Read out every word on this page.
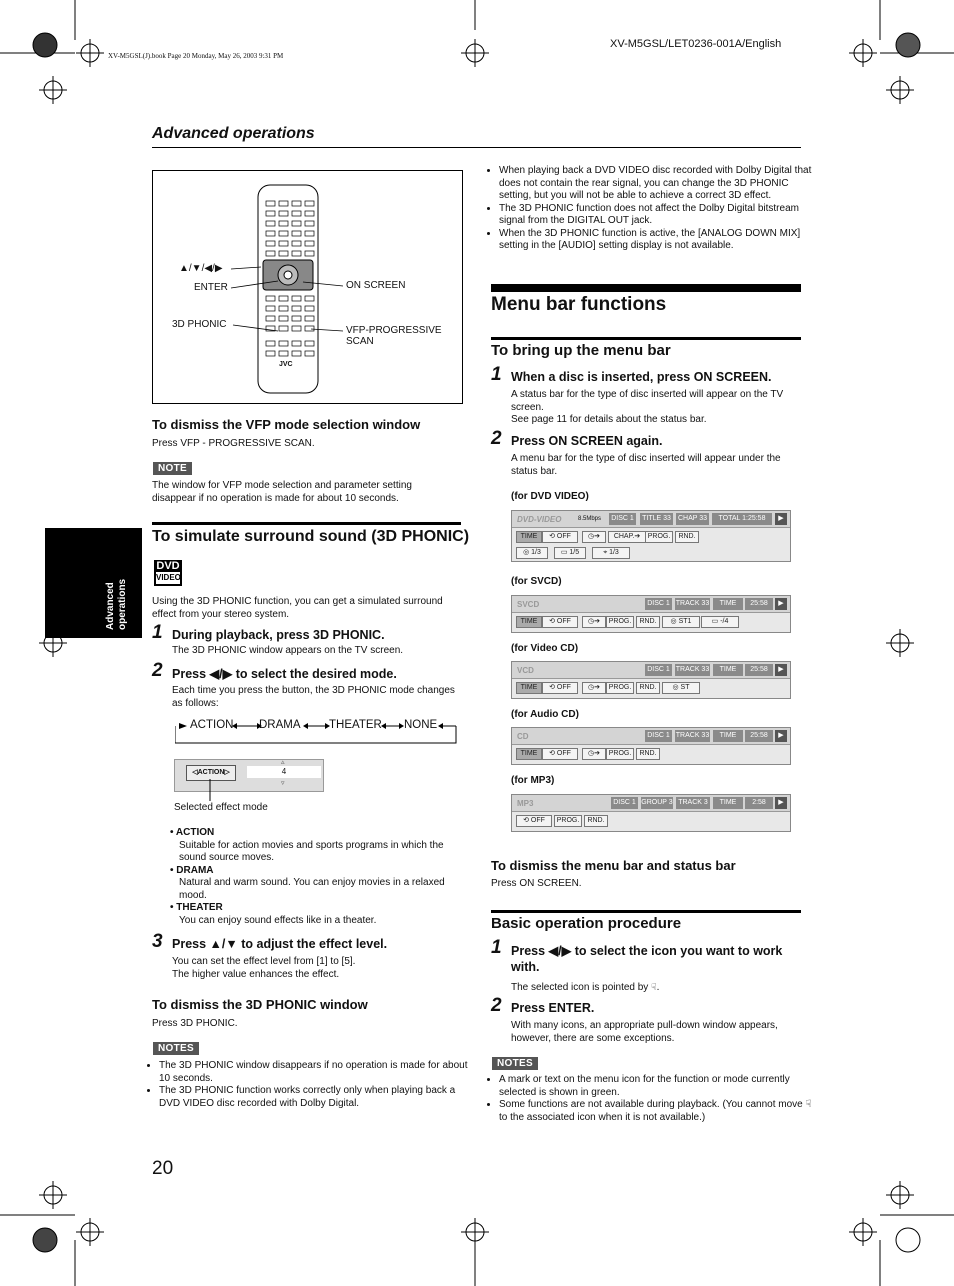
XV-M5GSL(J).book Page 20 Monday, May 26, 2003 9:31 PM
XV-M5GSL/LET0236-001A/English
Advanced operations
Advanced operations
▲/▼/◀/▶
ENTER
3D PHONIC
ON SCREEN
VFP-PROGRESSIVE
SCAN
JVC
To dismiss the VFP mode selection window
Press VFP - PROGRESSIVE SCAN.
NOTE
The window for VFP mode selection and parameter setting disappear if no operation is made for about 10 seconds.
To simulate surround sound (3D PHONIC)
DVD
VIDEO
Using the 3D PHONIC function, you can get a simulated surround effect from your stereo system.
1 During playback, press 3D PHONIC.
The 3D PHONIC window appears on the TV screen.
2 Press ◀/▶ to select the desired mode.
Each time you press the button, the 3D PHONIC mode changes as follows:
ACTION DRAMA THEATER NONE
◁ACTION▷	4
▵
▿
Selected effect mode
• ACTION
Suitable for action movies and sports programs in which the sound source moves.
• DRAMA
Natural and warm sound. You can enjoy movies in a relaxed mood.
• THEATER
You can enjoy sound effects like in a theater.
3 Press ▲/▼ to adjust the effect level.
You can set the effect level from [1] to [5].
The higher value enhances the effect.
To dismiss the 3D PHONIC window
Press 3D PHONIC.
NOTES
• The 3D PHONIC window disappears if no operation is made for about 10 seconds.
• The 3D PHONIC function works correctly only when playing back a DVD VIDEO disc recorded with Dolby Digital.
20
• When playing back a DVD VIDEO disc recorded with Dolby Digital that does not contain the rear signal, you can change the 3D PHONIC setting, but you will not be able to achieve a correct 3D effect.
• The 3D PHONIC function does not affect the Dolby Digital bitstream signal from the DIGITAL OUT jack.
• When the 3D PHONIC function is active, the [ANALOG DOWN MIX] setting in the [AUDIO] setting display is not available.
Menu bar functions
To bring up the menu bar
1 When a disc is inserted, press ON SCREEN.
A status bar for the type of disc inserted will appear on the TV screen.
See page 11 for details about the status bar.
2 Press ON SCREEN again.
A menu bar for the type of disc inserted will appear under the status bar.
(for DVD VIDEO)
DVD-VIDEO	8.5Mbps	DISC 1	TITLE 33	CHAP 33	TOTAL 1:25:58	▶
TIME	⟲ OFF	◷➔	CHAP.➔	PROG.	RND.
◎ 1/3	▭ 1/5	⌖ 1/3
(for SVCD)
SVCD	DISC 1 TRACK 33	TIME	25:58	▶
TIME	⟲ OFF	◷➔	PROG.	RND.	◎ ST1	▭ -/4
(for Video CD)
VCD	DISC 1 TRACK 33	TIME	25:58	▶
TIME	⟲ OFF	◷➔	PROG.	RND.	◎ ST
(for Audio CD)
CD	DISC 1 TRACK 33	TIME	25:58	▶
TIME	⟲ OFF	◷➔	PROG.	RND.
(for MP3)
MP3	DISC 1 GROUP 3 TRACK 3	TIME	2:58	▶
⟲ OFF	PROG.	RND.
To dismiss the menu bar and status bar
Press ON SCREEN.
Basic operation procedure
1 Press ◀/▶ to select the icon you want to work with.
The selected icon is pointed by ☟.
2 Press ENTER.
With many icons, an appropriate pull-down window appears, however, there are some exceptions.
NOTES
• A mark or text on the menu icon for the function or mode currently selected is shown in green.
• Some functions are not available during playback. (You cannot move ☟ to the associated icon when it is not available.)
